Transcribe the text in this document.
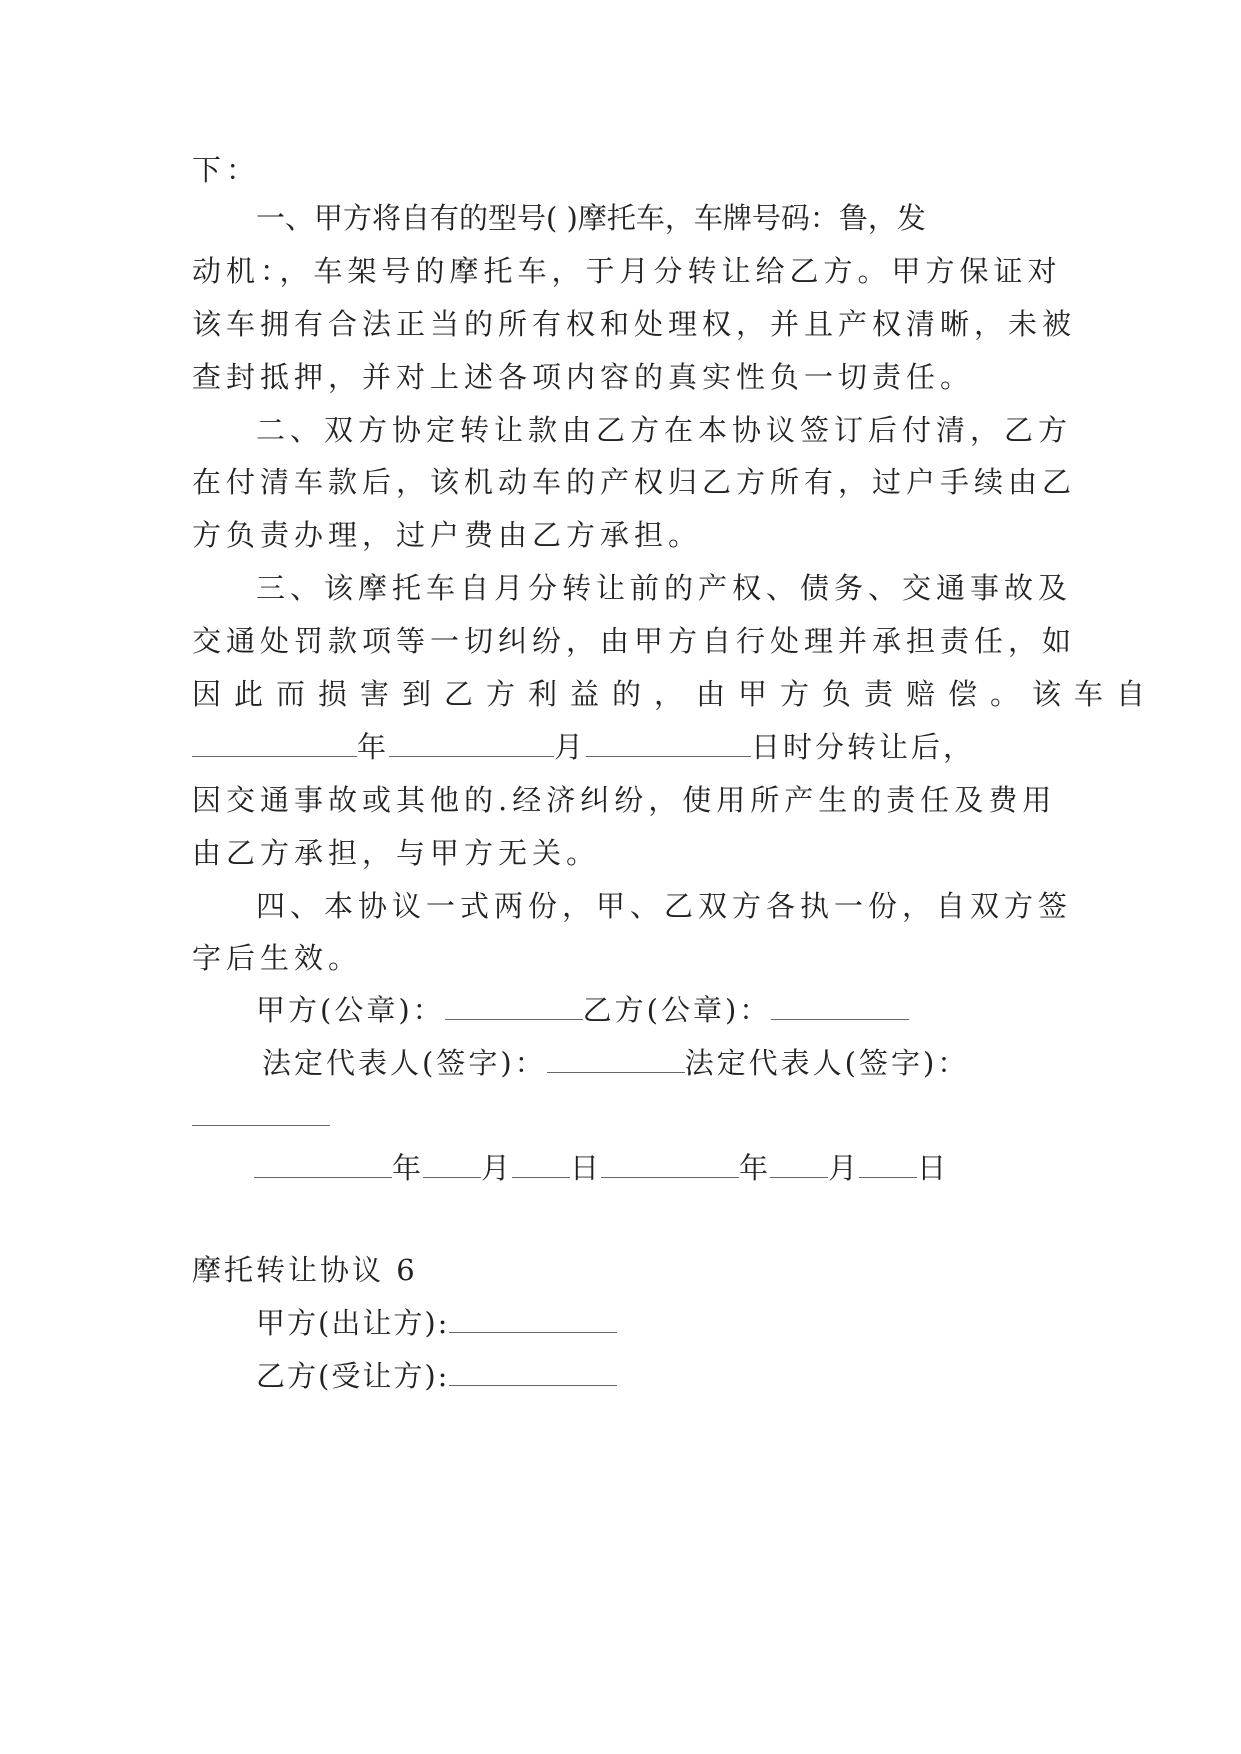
下：
一、甲方将自有的型号( )摩托车，车牌号码：鲁，发
动机：，车架号的摩托车，于月分转让给乙方。甲方保证对
该车拥有合法正当的所有权和处理权，并且产权清晰，未被
查封抵押，并对上述各项内容的真实性负一切责任。
二、双方协定转让款由乙方在本协议签订后付清，乙方
在付清车款后，该机动车的产权归乙方所有，过户手续由乙
方负责办理，过户费由乙方承担。
三、该摩托车自月分转让前的产权、债务、交通事故及
交通处罚款项等一切纠纷，由甲方自行处理并承担责任，如
因此而损害到乙方利益的，由甲方负责赔偿。该车自
年	月	日时分转让后，
因交通事故或其他的.经济纠纷，使用所产生的责任及费用
由乙方承担，与甲方无关。
四、本协议一式两份，甲、乙双方各执一份，自双方签
字后生效。
甲方(公章)：	乙方(公章)：
法定代表人(签字)：	法定代表人(签字)：
年 月 日	年 月 日
摩托转让协议 6
甲方(出让方):
乙方(受让方):
